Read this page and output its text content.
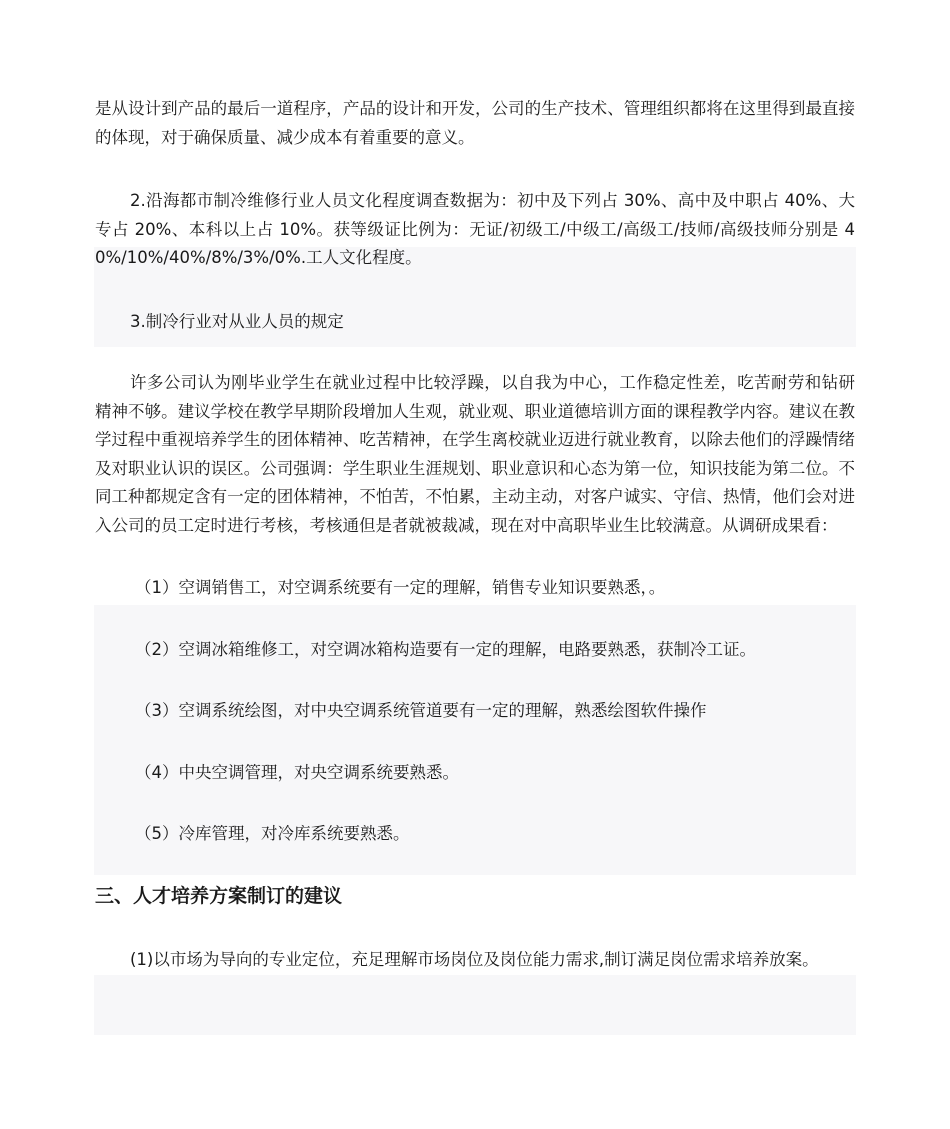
是从设计到产品的最后一道程序，产品的设计和开发，公司的生产技术、管理组织都将在这里得到最直接的体现，对于确保质量、减少成本有着重要的意义。

2.沿海都市制冷维修行业人员文化程度调查数据为：初中及下列占 30%、高中及中职占 40%、大专占 20%、本科以上占 10%。获等级证比例为：无证/初级工/中级工/高级工/技师/高级技师分别是 40%/10%/40%/8%/3%/0%.工人文化程度。

3.制冷行业对从业人员的规定

许多公司认为刚毕业学生在就业过程中比较浮躁，以自我为中心，工作稳定性差，吃苦耐劳和钻研精神不够。建议学校在教学早期阶段增加人生观，就业观、职业道德培训方面的课程教学内容。建议在教学过程中重视培养学生的团体精神、吃苦精神，在学生离校就业迈进行就业教育，以除去他们的浮躁情绪及对职业认识的误区。公司强调：学生职业生涯规划、职业意识和心态为第一位，知识技能为第二位。不同工种都规定含有一定的团体精神，不怕苦，不怕累，主动主动，对客户诚实、守信、热情，他们会对进入公司的员工定时进行考核，考核通但是者就被裁减，现在对中高职毕业生比较满意。从调研成果看：

（1）空调销售工，对空调系统要有一定的理解，销售专业知识要熟悉，。

（2）空调冰箱维修工，对空调冰箱构造要有一定的理解，电路要熟悉，获制冷工证。

（3）空调系统绘图，对中央空调系统管道要有一定的理解，熟悉绘图软件操作

（4）中央空调管理，对央空调系统要熟悉。

（5）冷库管理，对冷库系统要熟悉。

三、人才培养方案制订的建议

(1)以市场为导向的专业定位，充足理解市场岗位及岗位能力需求,制订满足岗位需求培养放案。
